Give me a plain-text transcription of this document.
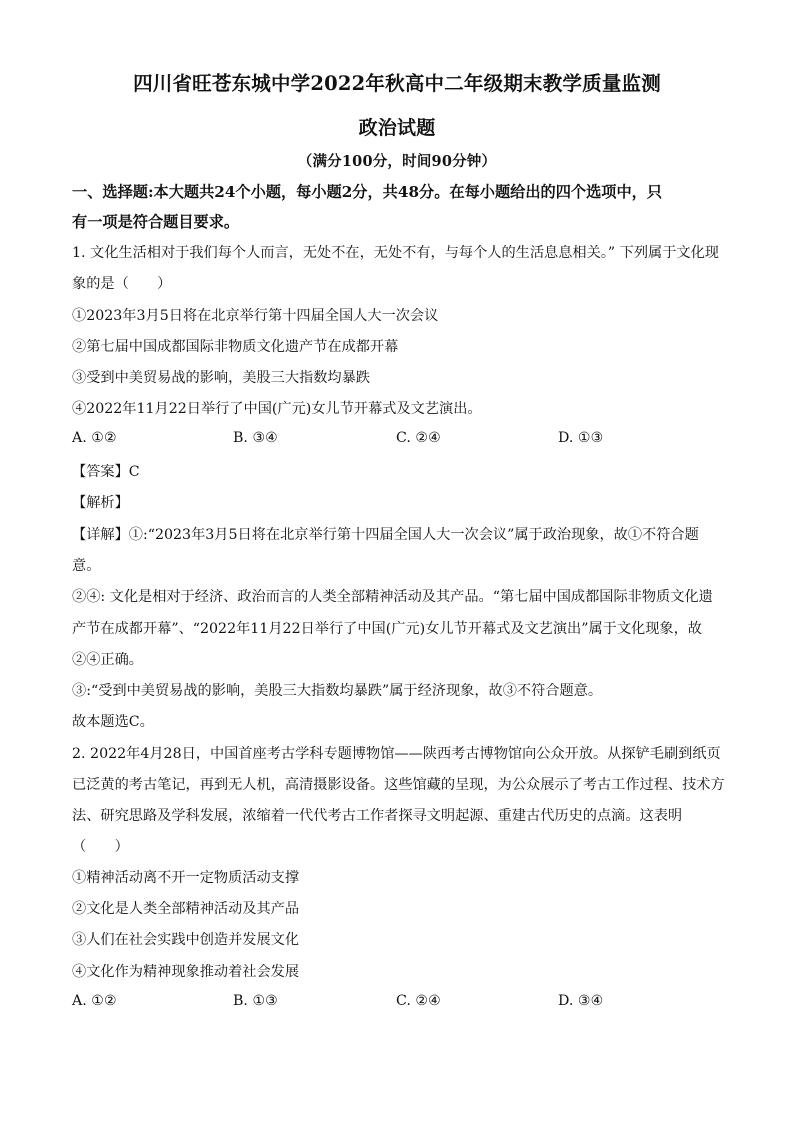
四川省旺苍东城中学2022年秋高中二年级期末教学质量监测
政治试题
（满分100分，时间90分钟）
一、选择题:本大题共24个小题，每小题2分，共48分。在每小题给出的四个选项中，只
有一项是符合题目要求。
1. 文化生活相对于我们每个人而言，无处不在，无处不有，与每个人的生活息息相关。” 下列属于文化现
象的是（　　）
①2023年3月5日将在北京举行第十四届全国人大一次会议
②第七届中国成都国际非物质文化遗产节在成都开幕
③受到中美贸易战的影响，美股三大指数均暴跌
④2022年11月22日举行了中国(广元)女儿节开幕式及文艺演出。
A. ①②	B. ③④	C. ②④	D. ①③
【答案】C
【解析】
【详解】①:“2023年3月5日将在北京举行第十四届全国人大一次会议”属于政治现象，故①不符合题
意。
②④: 文化是相对于经济、政治而言的人类全部精神活动及其产品。“第七届中国成都国际非物质文化遗
产节在成都开幕”、“2022年11月22日举行了中国(广元)女儿节开幕式及文艺演出”属于文化现象，故
②④正确。
③:“受到中美贸易战的影响，美股三大指数均暴跌”属于经济现象，故③不符合题意。
故本题选C。
2. 2022年4月28日，中国首座考古学科专题博物馆——陕西考古博物馆向公众开放。从探铲毛刷到纸页
已泛黄的考古笔记，再到无人机，高清摄影设备。这些馆藏的呈现，为公众展示了考古工作过程、技术方
法、研究思路及学科发展，浓缩着一代代考古工作者探寻文明起源、重建古代历史的点滴。这表明
（　　）
①精神活动离不开一定物质活动支撑
②文化是人类全部精神活动及其产品
③人们在社会实践中创造并发展文化
④文化作为精神现象推动着社会发展
A. ①②	B. ①③	C. ②④	D. ③④
